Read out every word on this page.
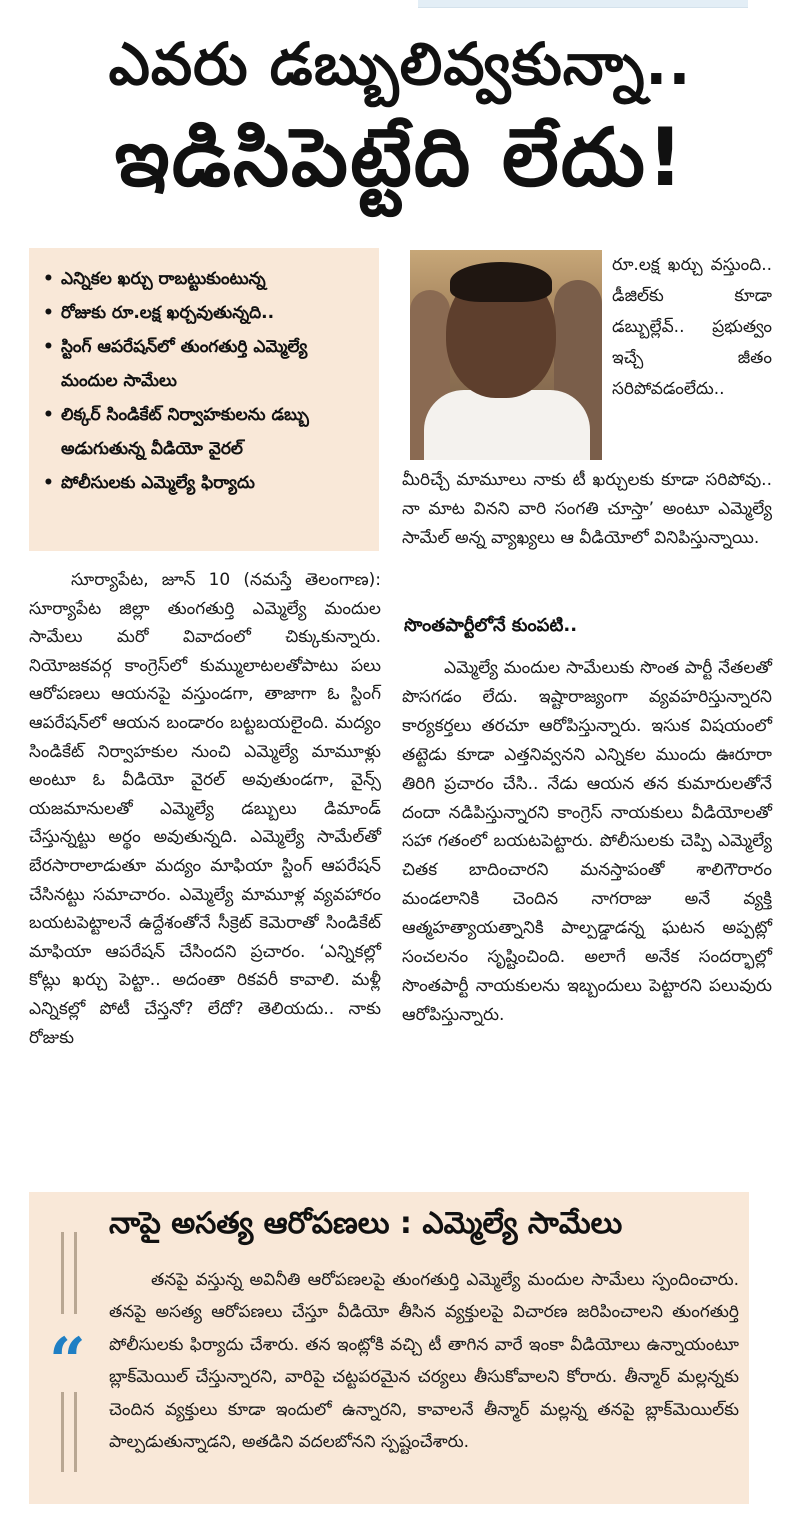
ఎవరు డబ్బులివ్వకున్నా..
ఇడిసిపెట్టేది లేదు!
• ఎన్నికల ఖర్చు రాబట్టుకుంటున్న
• రోజుకు రూ.లక్ష ఖర్చవుతున్నది..
• స్టింగ్ ఆపరేషన్‌లో తుంగతుర్తి ఎమ్మెల్యే మందుల సామేలు
• లిక్కర్ సిండికేట్ నిర్వాహకులను డబ్బు అడుగుతున్న వీడియో వైరల్
• పోలీసులకు ఎమ్మెల్యే ఫిర్యాదు

సూర్యాపేట, జూన్ 10 (నమస్తే తెలంగాణ): సూర్యాపేట జిల్లా తుంగతుర్తి ఎమ్మెల్యే మందుల సామేలు మరో వివాదంలో చిక్కుకున్నారు. నియోజకవర్గ కాంగ్రెస్‌లో కుమ్ములాటలతోపాటు పలు ఆరోపణలు ఆయనపై వస్తుండగా, తాజాగా ఓ స్టింగ్ ఆపరేషన్‌లో ఆయన బండారం బట్టబయలైంది. మద్యం సిండికేట్ నిర్వాహకుల నుంచి ఎమ్మెల్యే మామూళ్లు అంటూ ఓ వీడియో వైరల్ అవుతుండగా, వైన్స్ యజమానులతో ఎమ్మెల్యే డబ్బులు డిమాండ్ చేస్తున్నట్టు అర్థం అవుతున్నది. ఎమ్మెల్యే సామేల్‌తో బేరసారాలాడుతూ మద్యం మాఫియా స్టింగ్ ఆపరేషన్ చేసినట్టు సమాచారం. ఎమ్మెల్యే మామూళ్ల వ్యవహారం బయటపెట్టాలనే ఉద్దేశంతోనే సీక్రెట్ కెమెరాతో సిండికేట్ మాఫియా ఆపరేషన్ చేసిందని ప్రచారం. ‘ఎన్నికల్లో కోట్లు ఖర్చు పెట్టా.. అదంతా రికవరీ కావాలి. మళ్లీ ఎన్నికల్లో పోటీ చేస్తనో? లేదో? తెలియదు.. నాకు రోజుకు

రూ.లక్ష ఖర్చు వస్తుంది.. డీజిల్‌కు కూడా డబ్బుల్లేవ్.. ప్రభుత్వం ఇచ్చే జీతం సరిపోవడంలేదు..

మీరిచ్చే మామూలు నాకు టీ ఖర్చులకు కూడా సరిపోవు.. నా మాట వినని వారి సంగతి చూస్తా’ అంటూ ఎమ్మెల్యే సామేల్ అన్న వ్యాఖ్యలు ఆ వీడియోలో వినిపిస్తున్నాయి.

సొంతపార్టీలోనే కుంపటి..

ఎమ్మెల్యే మందుల సామేలుకు సొంత పార్టీ నేతలతో పొసగడం లేదు. ఇష్టారాజ్యంగా వ్యవహరిస్తున్నారని కార్యకర్తలు తరచూ ఆరోపిస్తున్నారు. ఇసుక విషయంలో తట్టెడు కూడా ఎత్తనివ్వనని ఎన్నికల ముందు ఊరూరా తిరిగి ప్రచారం చేసి.. నేడు ఆయన తన కుమారులతోనే దందా నడిపిస్తున్నారని కాంగ్రెస్ నాయకులు వీడియోలతో సహా గతంలో బయటపెట్టారు. పోలీసులకు చెప్పి ఎమ్మెల్యే చితక బాదించారని మనస్తాపంతో శాలిగౌరారం మండలానికి చెందిన నాగరాజు అనే వ్యక్తి ఆత్మహత్యాయత్నానికి పాల్పడ్డాడన్న ఘటన అప్పట్లో సంచలనం సృష్టించింది. అలాగే అనేక సందర్భాల్లో సొంతపార్టీ నాయకులను ఇబ్బందులు పెట్టారని పలువురు ఆరోపిస్తున్నారు.

“
నాపై అసత్య ఆరోపణలు : ఎమ్మెల్యే సామేలు
తనపై వస్తున్న అవినీతి ఆరోపణలపై తుంగతుర్తి ఎమ్మెల్యే మందుల సామేలు స్పందించారు. తనపై అసత్య ఆరోపణలు చేస్తూ వీడియో తీసిన వ్యక్తులపై విచారణ జరిపించాలని తుంగతుర్తి పోలీసులకు ఫిర్యాదు చేశారు. తన ఇంట్లోకి వచ్చి టీ తాగిన వారే ఇంకా వీడియోలు ఉన్నాయంటూ బ్లాక్‌మెయిల్ చేస్తున్నారని, వారిపై చట్టపరమైన చర్యలు తీసుకోవాలని కోరారు. తీన్మార్ మల్లన్నకు చెందిన వ్యక్తులు కూడా ఇందులో ఉన్నారని, కావాలనే తీన్మార్ మల్లన్న తనపై బ్లాక్‌మెయిల్‌కు పాల్పడుతున్నాడని, అతడిని వదలబోనని స్పష్టంచేశారు.
